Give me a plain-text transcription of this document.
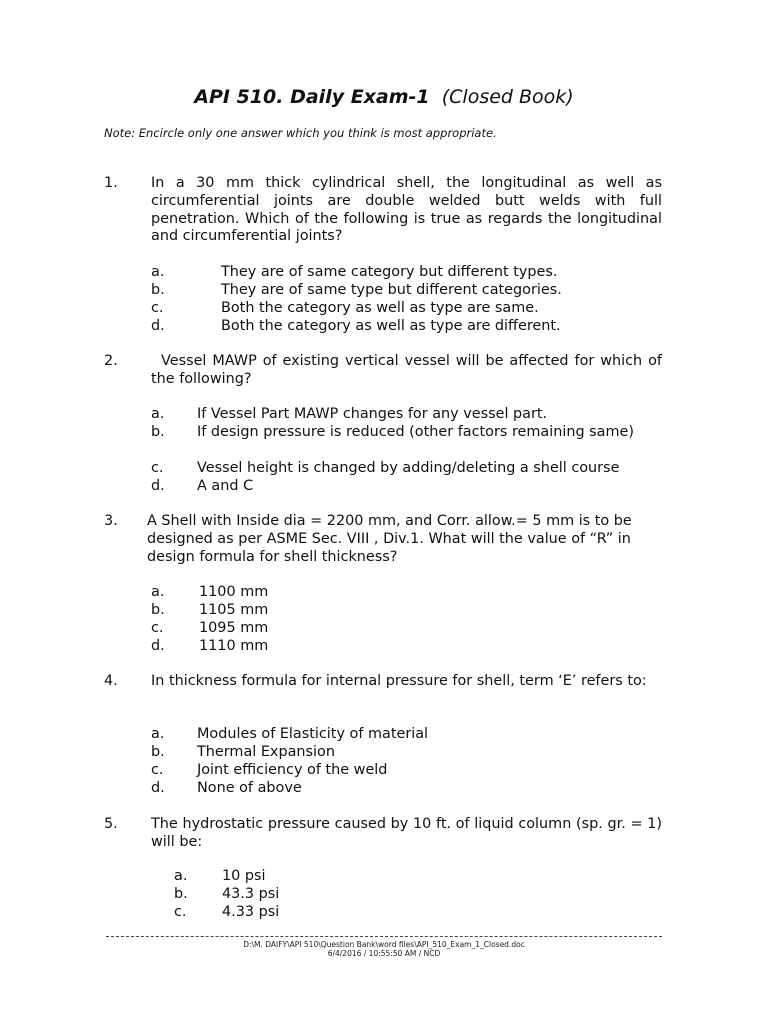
API 510. Daily Exam-1 (Closed Book)
Note: Encircle only one answer which you think is most appropriate.
1. In a 30 mm thick cylindrical shell, the longitudinal as well as circumferential joints are double welded butt welds with full penetration. Which of the following is true as regards the longitudinal and circumferential joints?
a.	They are of same category but different types.
b.	They are of same type but different categories.
c.	Both the category as well as type are same.
d.	Both the category as well as type are different.
2.	Vessel MAWP of existing vertical vessel will be affected for which of the following?
a. If Vessel Part MAWP changes for any vessel part.
b. If design pressure is reduced (other factors remaining same)
c. Vessel height is changed by adding/deleting a shell course
d. A and C
3. A Shell with Inside dia = 2200 mm, and Corr. allow.= 5 mm is to be designed as per ASME Sec. VIII , Div.1. What will the value of “R” in design formula for shell thickness?
a. 1100 mm
b. 1105 mm
c. 1095 mm
d. 1110 mm
4. In thickness formula for internal pressure for shell, term ‘E’ refers to:
a. Modules of Elasticity of material
b. Thermal Expansion
c. Joint efficiency of the weld
d. None of above
5. The hydrostatic pressure caused by 10 ft. of liquid column (sp. gr. = 1) will be:
a. 10 psi
b. 43.3 psi
c. 4.33 psi
D:\M. DAIFY\API 510\Question Bank\word files\API_510_Exam_1_Closed.doc
6/4/2016 / 10:55:50 AM / NCD
